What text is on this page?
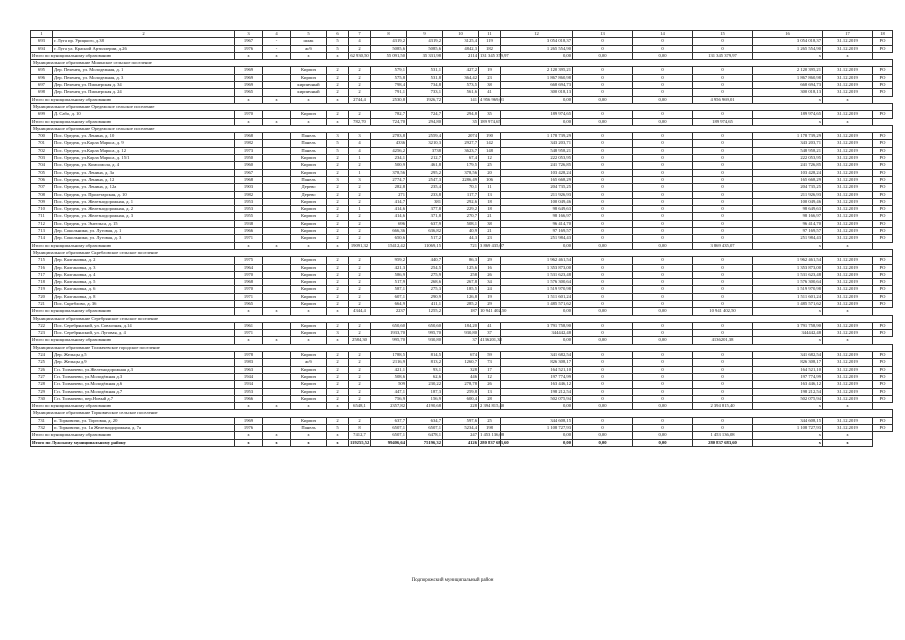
1	2	3	4	5	6	7	8	9	10	11	12	13	14	15	16	17	18
693	г. Луга пр. Урицкого, д.38	1967	-	шлак	5	4	4319,2	4319,2	3125,4	119	3 054 018,37	0	0	0	3 054 018,37	31.12.2019	РО
694	г. Луга ул. Красной Артиллерии, д.26	1976	-	ж/б	5	2	5085,6	5085,6	4842,3	182	1 265 554,90	0	0	0	1 265 554,90	31.12.2019	РО
Итого по муниципальному образованию		x	x	x	x	62 930,50	55 091,50	35 331,98	2114	131 345 379,97	0,00	0,00	0,00	131 345 379,97	x	x	
Муниципальное образование Мшинское сельское поселение																	
695	Дер. Пехенец, ул. Молодежная, д. 1	1969		Кирпич	2	2	579,1	531,1	427,2	19	2 120 395,21	0	0	0	2 120 395,21	31.12.2019	РО
696	Дер. Пехенец, ул. Молодежная, д. 3	1969		Кирпич	2	2	575,8	531,8	364,42	23	1 867 860,98	0	0	0	1 867 860,98	31.12.2019	РО
697	Дер. Пехенец ул. Пионерская д. 34	1969		кирпичный	2	2	798,4	734,8	573,5	38	668 694,73	0	0	0	668 694,73	31.12.2019	РО
698	Дер. Пехенец ул. Пионерская д. 24	1965		кирпичный	2	2	791,1	733,1	561,6	41	300 018,13	0	0	0	300 018,13	31.12.2019	РО
Итого по муниципальному образованию		x	x	x	x	2744,4	2530,8	1926,72	141	4 956 969,01	0,00	0,00	0,00	4 956 969,01	x	x	
Муниципальное образование Оредежское сельское поселение																	
699	Д. Сабо, д. 10	1970		Кирпич	2	2	782,7	724,7	294,8	35	189 974,65	0	0	0	189 974,65	31.12.2019	РО
Итого по муниципальному образованию		x	x	x	x	782,70	724,70	294,80	35	189 974,65	0,00	0,00	0,00	189 974,65	x	x	
Муниципальное образование Оредежское сельское поселение																	
700	Пос. Оредеж, ул. Ленина, д. 10	1968		Панель	3	3	2783,8	2559,4	2074	190	1 178 739,29	0	0	0	1 178 739,29	31.12.2019	РО
701	Пос. Оредеж, ул.Карла Маркса, д. 9	1982		Панель	5	4	4336	3210,3	2927,7	142	343 203,71	0	0	0	343 203,71	31.12.2019	РО
702	Пос. Оредеж, ул.Карла Маркса, д. 12	1973		Панель	5	4	4256,2	3738	3623,7	148	548 958,21	0	0	0	548 958,21	31.12.2019	РО
703	Пос. Оредеж, ул.Карла Маркса, д. 15/1	1950		Кирпич	2	1	234,1	212,7	67,4	12	222 053,95	0	0	0	222 053,95	31.12.2019	РО
704	Пос. Оредеж, ул. Комсомола, д. 4	1960		Кирпич	2	2	500,9	461,8	179,5	25	241 726,85	0	0	0	241 726,85	31.12.2019	РО
705	Пос. Оредеж, ул. Ленина, д. 3а	1967		Кирпич	2	1	378,56	295,2	378,56	20	103 428,24	0	0	0	103 428,24	31.12.2019	РО
706	Пос. Оредеж, ул. Ленина, д. 12	1968		Панель	3	3	2774,7	2547,3	2286,49	106	165 668,29	0	0	0	165 668,29	31.12.2019	РО
707	Пос. Оредеж, ул. Ленина, д. 12а	1903		Дерево	2	2	282,8	235,4	70,1	11	204 735,25	0	0	0	204 735,25	31.12.2019	РО
708	Пос. Оредеж, ул. Пролетарская, д. 10	1982		Дерево	2	2	271	233,8	117,7	13	211 926,93	0	0	0	211 926,93	31.12.2019	РО
709	Пос. Оредеж, ул. Железнодорожная, д. 1	1953		Кирпич	2	2	414,7	381	292,6	18	100 049,46	0	0	0	100 049,46	31.12.2019	РО
710	Пос. Оредеж, ул. Железнодорожная, д. 2	1953		Кирпич	2	1	414,6	377,8	229,2	18	98 649,63	0	0	0	98 649,63	31.12.2019	РО
711	Пос. Оредеж, ул. Железнодорожная, д. 3	1955		Кирпич	2	2	414,6	371,8	270,7	21	98 166,97	0	0	0	98 166,97	31.12.2019	РО
712	Пос. Оредеж, ул. Энгельса, д. 15	1938		Кирпич	2	2	696	637,9	508,1	38	96 414,70	0	0	0	96 414,70	31.12.2019	РО
713	Дер. Сокольники, ул. Луговая, д. 1	1966		Кирпич	2	2	666,36	636,82	40,9	21	97 169,57	0	0	0	97 169,57	31.12.2019	РО
714	Дер. Сокольники, ул. Луговая, д. 3	1971		Кирпич	2	2	650,6	517,2	44,3	23	251 984,43	0	0	0	251 984,43	31.12.2019	РО
Итого по муниципальному образованию		x	x	x	x	19091,32	15412,42	11069,15	721	3 869 435,07	0,00	0,00	0,00	3 869 435,07	x	x	
Муниципальное образование Скребловское сельское поселение																	
715	Дер. Калгановка, д. 2	1975		Кирпич	2	2	959,2	440,7	86,3	29	1 962 461,54	0	0	0	1 962 461,54	31.12.2019	РО
716	Дер. Калгановка, д. 3	1964		Кирпич	2	2	421,3	254,5	125,6	16	1 353 873,00	0	0	0	1 353 873,00	31.12.2019	РО
717	Дер. Калгановка, д. 4	1970		Кирпич	2	2	586,9	275,9	258	26	1 531 623,48	0	0	0	1 531 623,48	31.12.2019	РО
718	Дер. Калгановка, д. 5	1968		Кирпич	2	2	517,9	268,6	267,8	34	1 576 300,64	0	0	0	1 576 300,64	31.12.2019	РО
719	Дер. Калгановка, д. 6	1970		Кирпич	2	2	587,1	275,3	185,5	24	1 519 970,98	0	0	0	1 519 970,98	31.12.2019	РО
720	Дер. Калгановка, д. 8	1971		Кирпич	2	2	607,1	290,9	126,8	19	1 511 601,24	0	0	0	1 511 601,24	31.12.2019	РО
721	Пос. Скреблово, д. 36	1965		Кирпич	2	2	664,9	411,1	285,2	29	1 485 571,62	0	0	0	1 485 571,62	31.12.2019	РО
Итого по муниципальному образованию		x	x	x	x	4344,4	2237	1255,2	187	10 941 402,50	0,00	0,00	0,00	10 941 402,50	x	x	
Муниципальное образование Серебрянское сельское поселение																	
722	Пос. Серебрянский, ул. Совхозная, д.14	1961		Кирпич	2	2	650,60	650,60	184,20	41	3 791 758,90	0	0	0	3 791 758,90	31.12.2019	РО
723	Пос. Серебрянский, ул. Луговая, д. 4	1971		Кирпич	3	2	1933,70	995,70	930,80	37	344442,48	0	0	0	344442,48	31.12.2019	РО
Итого по муниципальному образованию		x	x	x	x	2584,30	995,70	930,80	37	4136201,38	0,00	0,00	0,00	4136201,38	x	x	
Муниципальное образование Толмачевское городское поселение																	
724	Дер. Жельцы д.5	1978		Кирпич	2	2	1788,5	814,5	674	59	341 682,54	0	0	0	341 682,54	31.12.2019	РО
725	Дер. Жельцы д.9	1983		ж/б	2	2	2116,9	813,2	1260,7	73	826 308,17	0	0	0	826 308,17	31.12.2019	РО
726	Г.п. Толмачево, ул.Железнодорожная д.3	1963		Кирпич	2	2	421,1	93,1	328	17	164 521,10	0	0	0	164 521,10	31.12.2019	РО
727	Г.п. Толмачево, ул.Молодёжная д.3	1944		Кирпич	2	2	508,6	62,6	446	12	197 774,99	0	0	0	197 774,99	31.12.2019	РО
728	Г.п. Толмачево, ул.Молодёжная д.6	1934		Кирпич	2	2	509	230,22	278,78	26	163 446,12	0	0	0	163 446,12	31.12.2019	РО
729	Г.п. Толмачево, ул.Молодёжная д.7	1953		Кирпич	2	2	447,1	187,3	259,8	13	198 212,54	0	0	0	198 212,54	31.12.2019	РО
730	Г.п. Толмачево, пер.Новый д.7	1966		Кирпич	2	2	756,9	156,9	600,4	28	502 075,94	0	0	0	502 075,94	31.12.2019	РО
Итого по муниципальному образованию		x	x	x	x	6548,1	2357,82	4190,68	228	2 394 815,40	0,00	0,00	0,00	2 394 815,40	x	x	
Муниципальное образование Торковичское сельское поселение																	
731	п. Торковичи, ул. Торговая, д. 20	1969		Кирпич	2	2	637,7	634,7	597,6	25	344 608,15	0	0	0	344 608,15	31.12.2019	РО
732	п. Торковичи, ул. 1я Железнодорожная, д. 7а	1976		Панель	5	8	6507,1	6507,1	5234,4	198	1 108 727,93	0	0	0	1 108 727,93	31.12.2019	РО
Итого по муниципальному образованию		x	x	x	x	7412,7	6507,1	6478,1	247	1 453 136,08	0,00	0,00	0,00	1 453 136,08	x	x	
Итого по Лужскому муниципальному району		x	x	x	x	119255,52	99406,64	75196,32	4126	280 837 683,60	0,00	0,00	0,00	280 837 683,60	x	x	
Подпорожский муниципальный район
